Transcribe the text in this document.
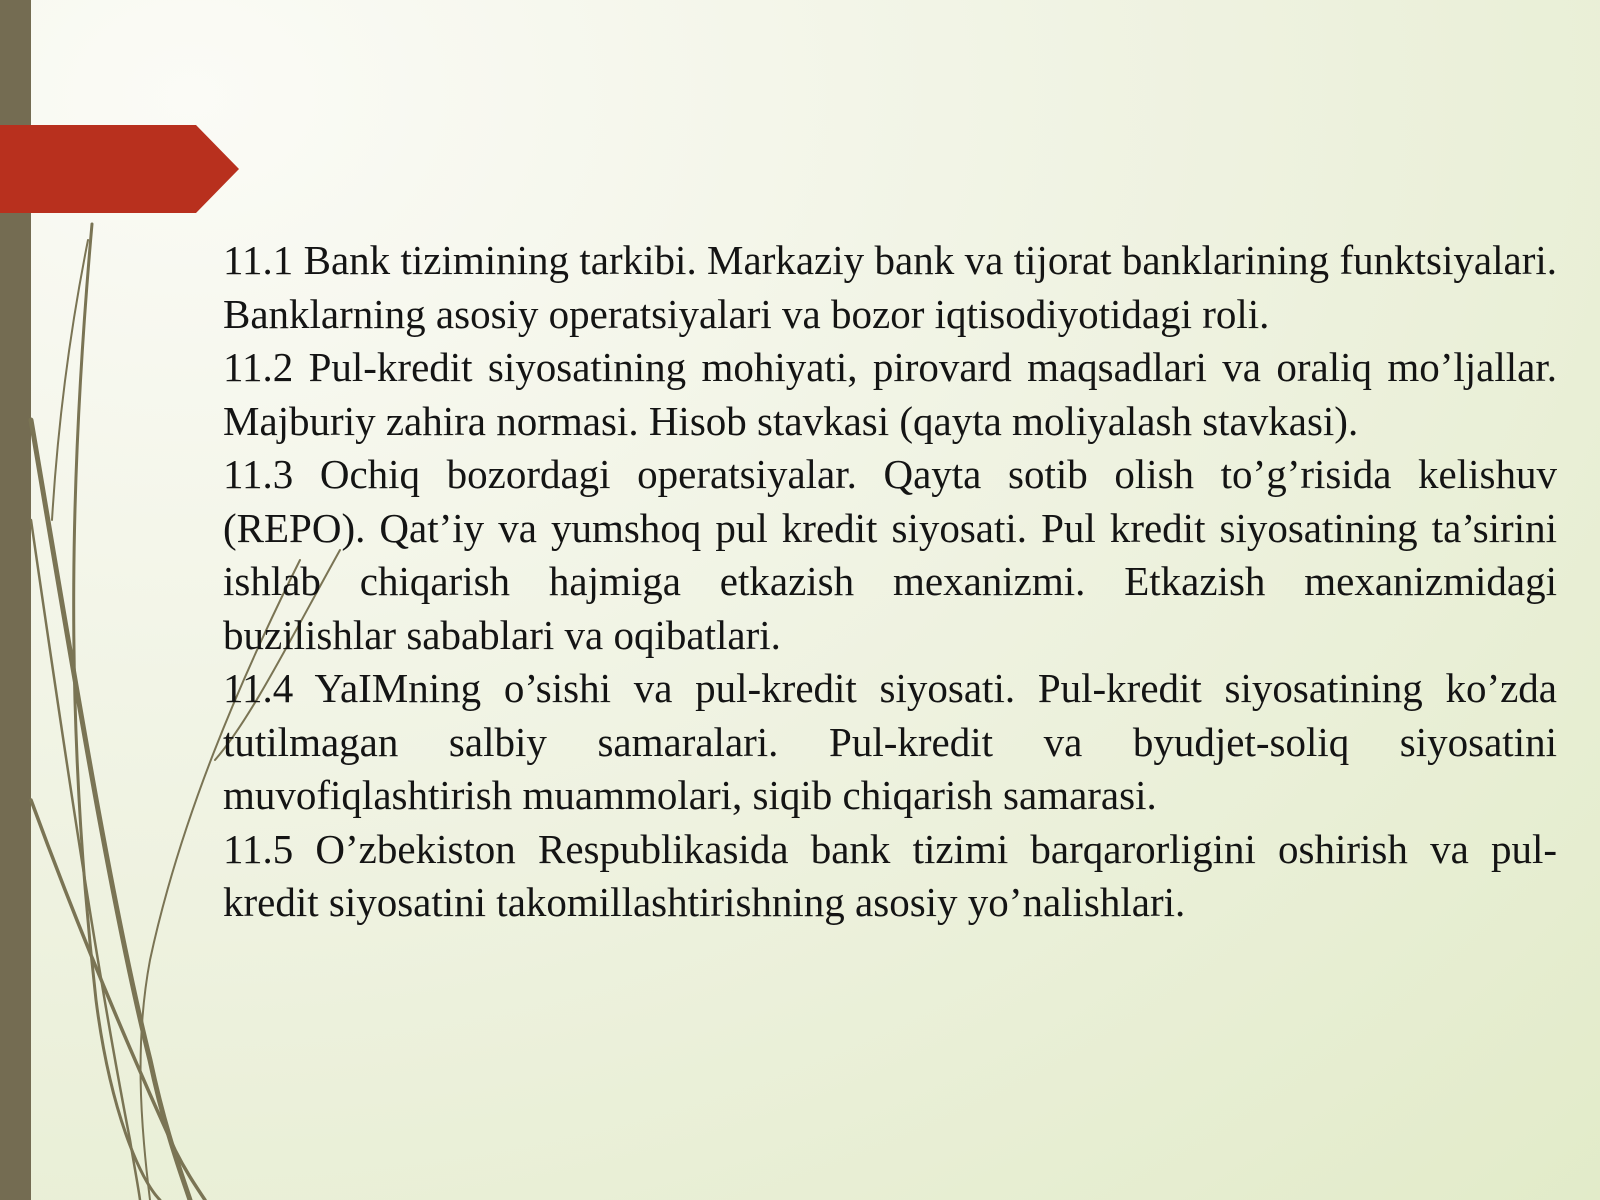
11.1 Bank tizimining tarkibi. Markaziy bank va tijorat banklarining funktsiyalari. Banklarning asosiy operatsiyalari va bozor iqtisodiyotidagi roli.

11.2 Pul-kredit siyosatining mohiyati, pirovard maqsadlari va oraliq mo’ljallar. Majburiy zahira normasi. Hisob stavkasi (qayta moliyalash stavkasi).

11.3 Ochiq bozordagi operatsiyalar. Qayta sotib olish to’g’risida kelishuv (REPO). Qat’iy va yumshoq pul kredit siyosati. Pul kredit siyosatining ta’sirini ishlab chiqarish hajmiga etkazish mexanizmi. Etkazish mexanizmidagi buzilishlar sabablari va oqibatlari.

11.4 YaIMning o’sishi va pul-kredit siyosati. Pul-kredit siyosatining ko’zda tutilmagan salbiy samaralari. Pul-kredit va byudjet-soliq siyosatini muvofiqlashtirish muammolari, siqib chiqarish samarasi.

11.5 O’zbekiston Respublikasida bank tizimi barqarorligini oshirish va pul-kredit siyosatini takomillashtirishning asosiy yo’nalishlari.
